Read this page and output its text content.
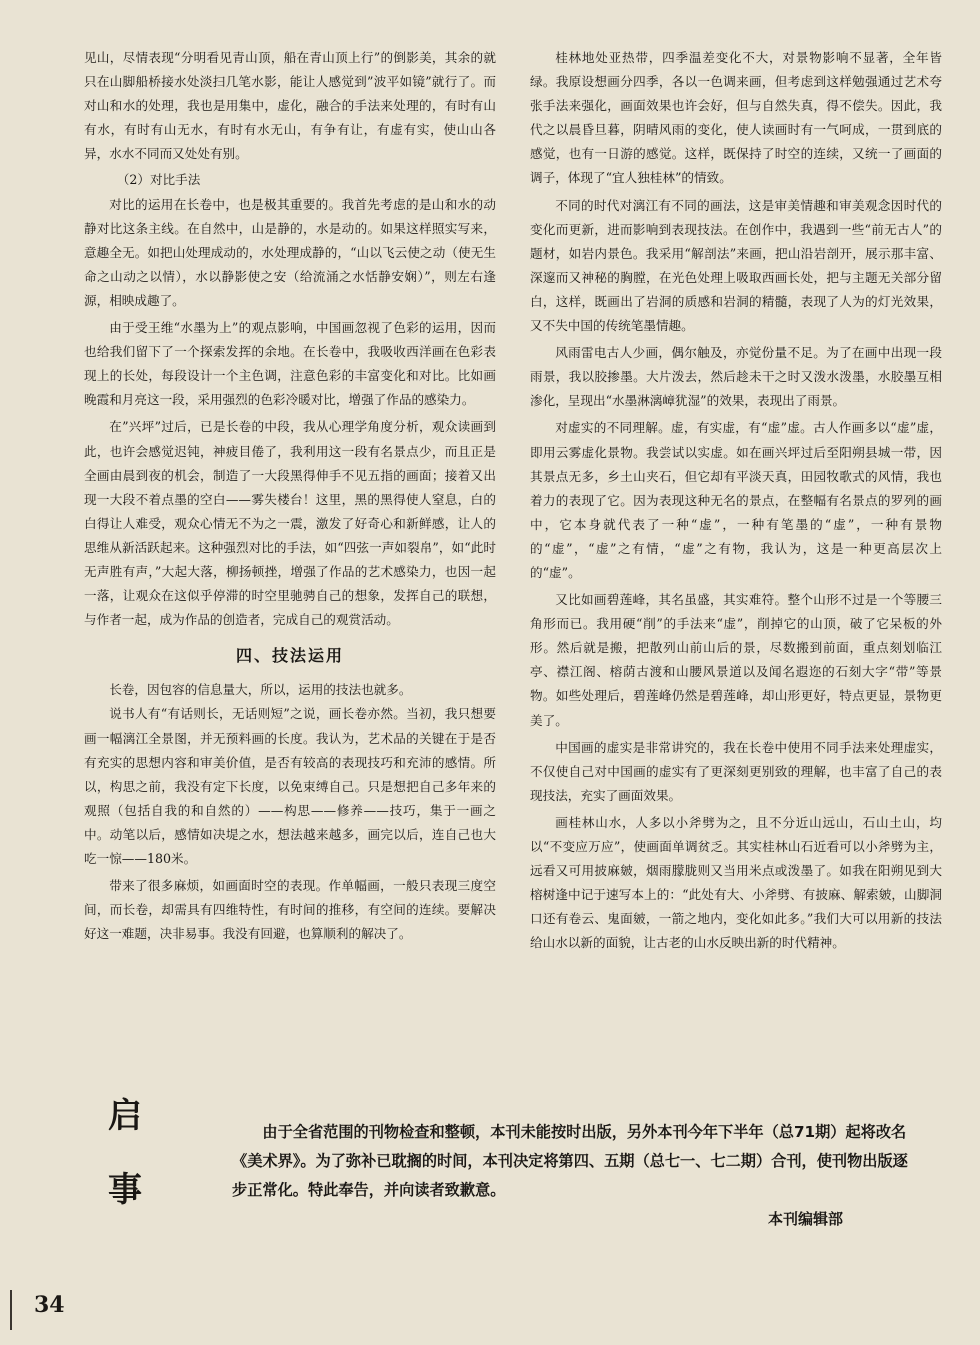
见山，尽情表现“分明看见青山顶，船在青山顶上行”的倒影美，其余的就只在山脚船桥接水处淡扫几笔水影，能让人感觉到”波平如镜”就行了。而对山和水的处理，我也是用集中，虚化，融合的手法来处理的，有时有山有水，有时有山无水，有时有水无山，有争有让，有虚有实，使山山各异，水水不同而又处处有别。

（2）对比手法

对比的运用在长卷中，也是极其重要的。我首先考虑的是山和水的动静对比这条主线。在自然中，山是静的，水是动的。如果这样照实写来，意趣全无。如把山处理成动的，水处理成静的，“山以飞云使之动（使无生命之山动之以情），水以静影使之安（给流涌之水恬静安娴）”，则左右逢源，相映成趣了。

由于受王维“水墨为上”的观点影响，中国画忽视了色彩的运用，因而也给我们留下了一个探索发挥的余地。在长卷中，我吸收西洋画在色彩表现上的长处，每段设计一个主色调，注意色彩的丰富变化和对比。比如画晚霞和月亮这一段，采用强烈的色彩冷暖对比，增强了作品的感染力。

在”兴坪”过后，已是长卷的中段，我从心理学角度分析，观众读画到此，也许会感觉迟钝，神疲目倦了，我利用这一段有名景点少，而且正是全画由晨到夜的机会，制造了一大段黑得伸手不见五指的画面；接着又出现一大段不着点墨的空白——雾失楼台！这里，黑的黑得使人窒息，白的白得让人难受，观众心情无不为之一震，激发了好奇心和新鲜感，让人的思维从新活跃起来。这种强烈对比的手法，如“四弦一声如裂帛”，如“此时无声胜有声，”大起大落，柳扬顿挫，增强了作品的艺术感染力，也因一起一落，让观众在这似乎停滞的时空里驰骋自己的想象，发挥自己的联想，与作者一起，成为作品的创造者，完成自己的观赏活动。

四、技法运用

长卷，因包容的信息量大，所以，运用的技法也就多。

说书人有“有话则长，无话则短”之说，画长卷亦然。当初，我只想要画一幅漓江全景图，并无预料画的长度。我认为，艺术品的关键在于是否有充实的思想内容和审美价值，是否有较高的表现技巧和充沛的感情。所以，构思之前，我没有定下长度，以免束缚自己。只是想把自己多年来的观照（包括自我的和自然的）——构思——修养——技巧，集于一画之中。动笔以后，感情如决堤之水，想法越来越多，画完以后，连自己也大吃一惊——180米。

带来了很多麻烦，如画面时空的表现。作单幅画，一般只表现三度空间，而长卷，却需具有四维特性，有时间的推移，有空间的连续。要解决好这一难题，决非易事。我没有回避，也算顺利的解决了。

桂林地处亚热带，四季温差变化不大，对景物影响不显著，全年皆绿。我原设想画分四季，各以一色调来画，但考虑到这样勉强通过艺术夸张手法来强化，画面效果也许会好，但与自然失真，得不偿失。因此，我代之以晨昏旦暮，阴晴风雨的变化，使人读画时有一气呵成，一贯到底的感觉，也有一日游的感觉。这样，既保持了时空的连续，又统一了画面的调子，体现了“宜人独桂林”的情致。

不同的时代对漓江有不同的画法，这是审美情趣和审美观念因时代的变化而更新，进而影响到表现技法。在创作中，我遇到一些“前无古人”的题材，如岩内景色。我采用“解剖法”来画，把山沿岩剖开，展示那丰富、深邃而又神秘的胸膛，在光色处理上吸取西画长处，把与主题无关部分留白，这样，既画出了岩洞的质感和岩洞的精髓，表现了人为的灯光效果，又不失中国的传统笔墨情趣。

风雨雷电古人少画，偶尔触及，亦觉份量不足。为了在画中出现一段雨景，我以胶掺墨。大片泼去，然后趁未干之时又泼水泼墨，水胶墨互相渗化，呈现出“水墨淋漓嶂犹湿”的效果，表现出了雨景。

对虚实的不同理解。虚，有实虚，有“虚”虚。古人作画多以“虚”虚，即用云雾虚化景物。我尝试以实虚。如在画兴坪过后至阳朔县城一带，因其景点无多，乡土山夹石，但它却有平淡天真，田园牧歌式的风情，我也着力的表现了它。因为表现这种无名的景点，在整幅有名景点的罗列的画中，它本身就代表了一种“虚”，一种有笔墨的“虚”，一种有景物的“虚”，“虚”之有情，“虚”之有物，我认为，这是一种更高层次上的“虚”。

又比如画碧莲峰，其名虽盛，其实难符。整个山形不过是一个等腰三角形而已。我用硬“削”的手法来“虚”，削掉它的山顶，破了它呆板的外形。然后就是搬，把散列山前山后的景，尽数搬到前面，重点刻划临江亭、襟江阁、榕荫古渡和山腰风景道以及闻名遐迩的石刻大字“带”等景物。如些处理后，碧莲峰仍然是碧莲峰，却山形更好，特点更显，景物更美了。

中国画的虚实是非常讲究的，我在长卷中使用不同手法来处理虚实，不仅使自己对中国画的虚实有了更深刻更别致的理解，也丰富了自己的表现技法，充实了画面效果。

画桂林山水，人多以小斧劈为之，且不分近山远山，石山土山，均以“不变应万应”，使画面单调贫乏。其实桂林山石近看可以小斧劈为主，远看又可用披麻皴，烟雨朦胧则又当用米点或泼墨了。如我在阳朔见到大榕树逢中记于速写本上的：“此处有大、小斧劈、有披麻、解索皴，山脚洞口还有卷云、鬼面皴，一箭之地内，变化如此多。”我们大可以用新的技法给山水以新的面貌，让古老的山水反映出新的时代精神。

启
事

由于全省范围的刊物检查和整顿，本刊未能按时出版，另外本刊今年下半年（总71期）起将改名《美术界》。为了弥补已耽搁的时间，本刊决定将第四、五期（总七一、七二期）合刊，使刊物出版逐步正常化。特此奉告，并向读者致歉意。

本刊编辑部
34
